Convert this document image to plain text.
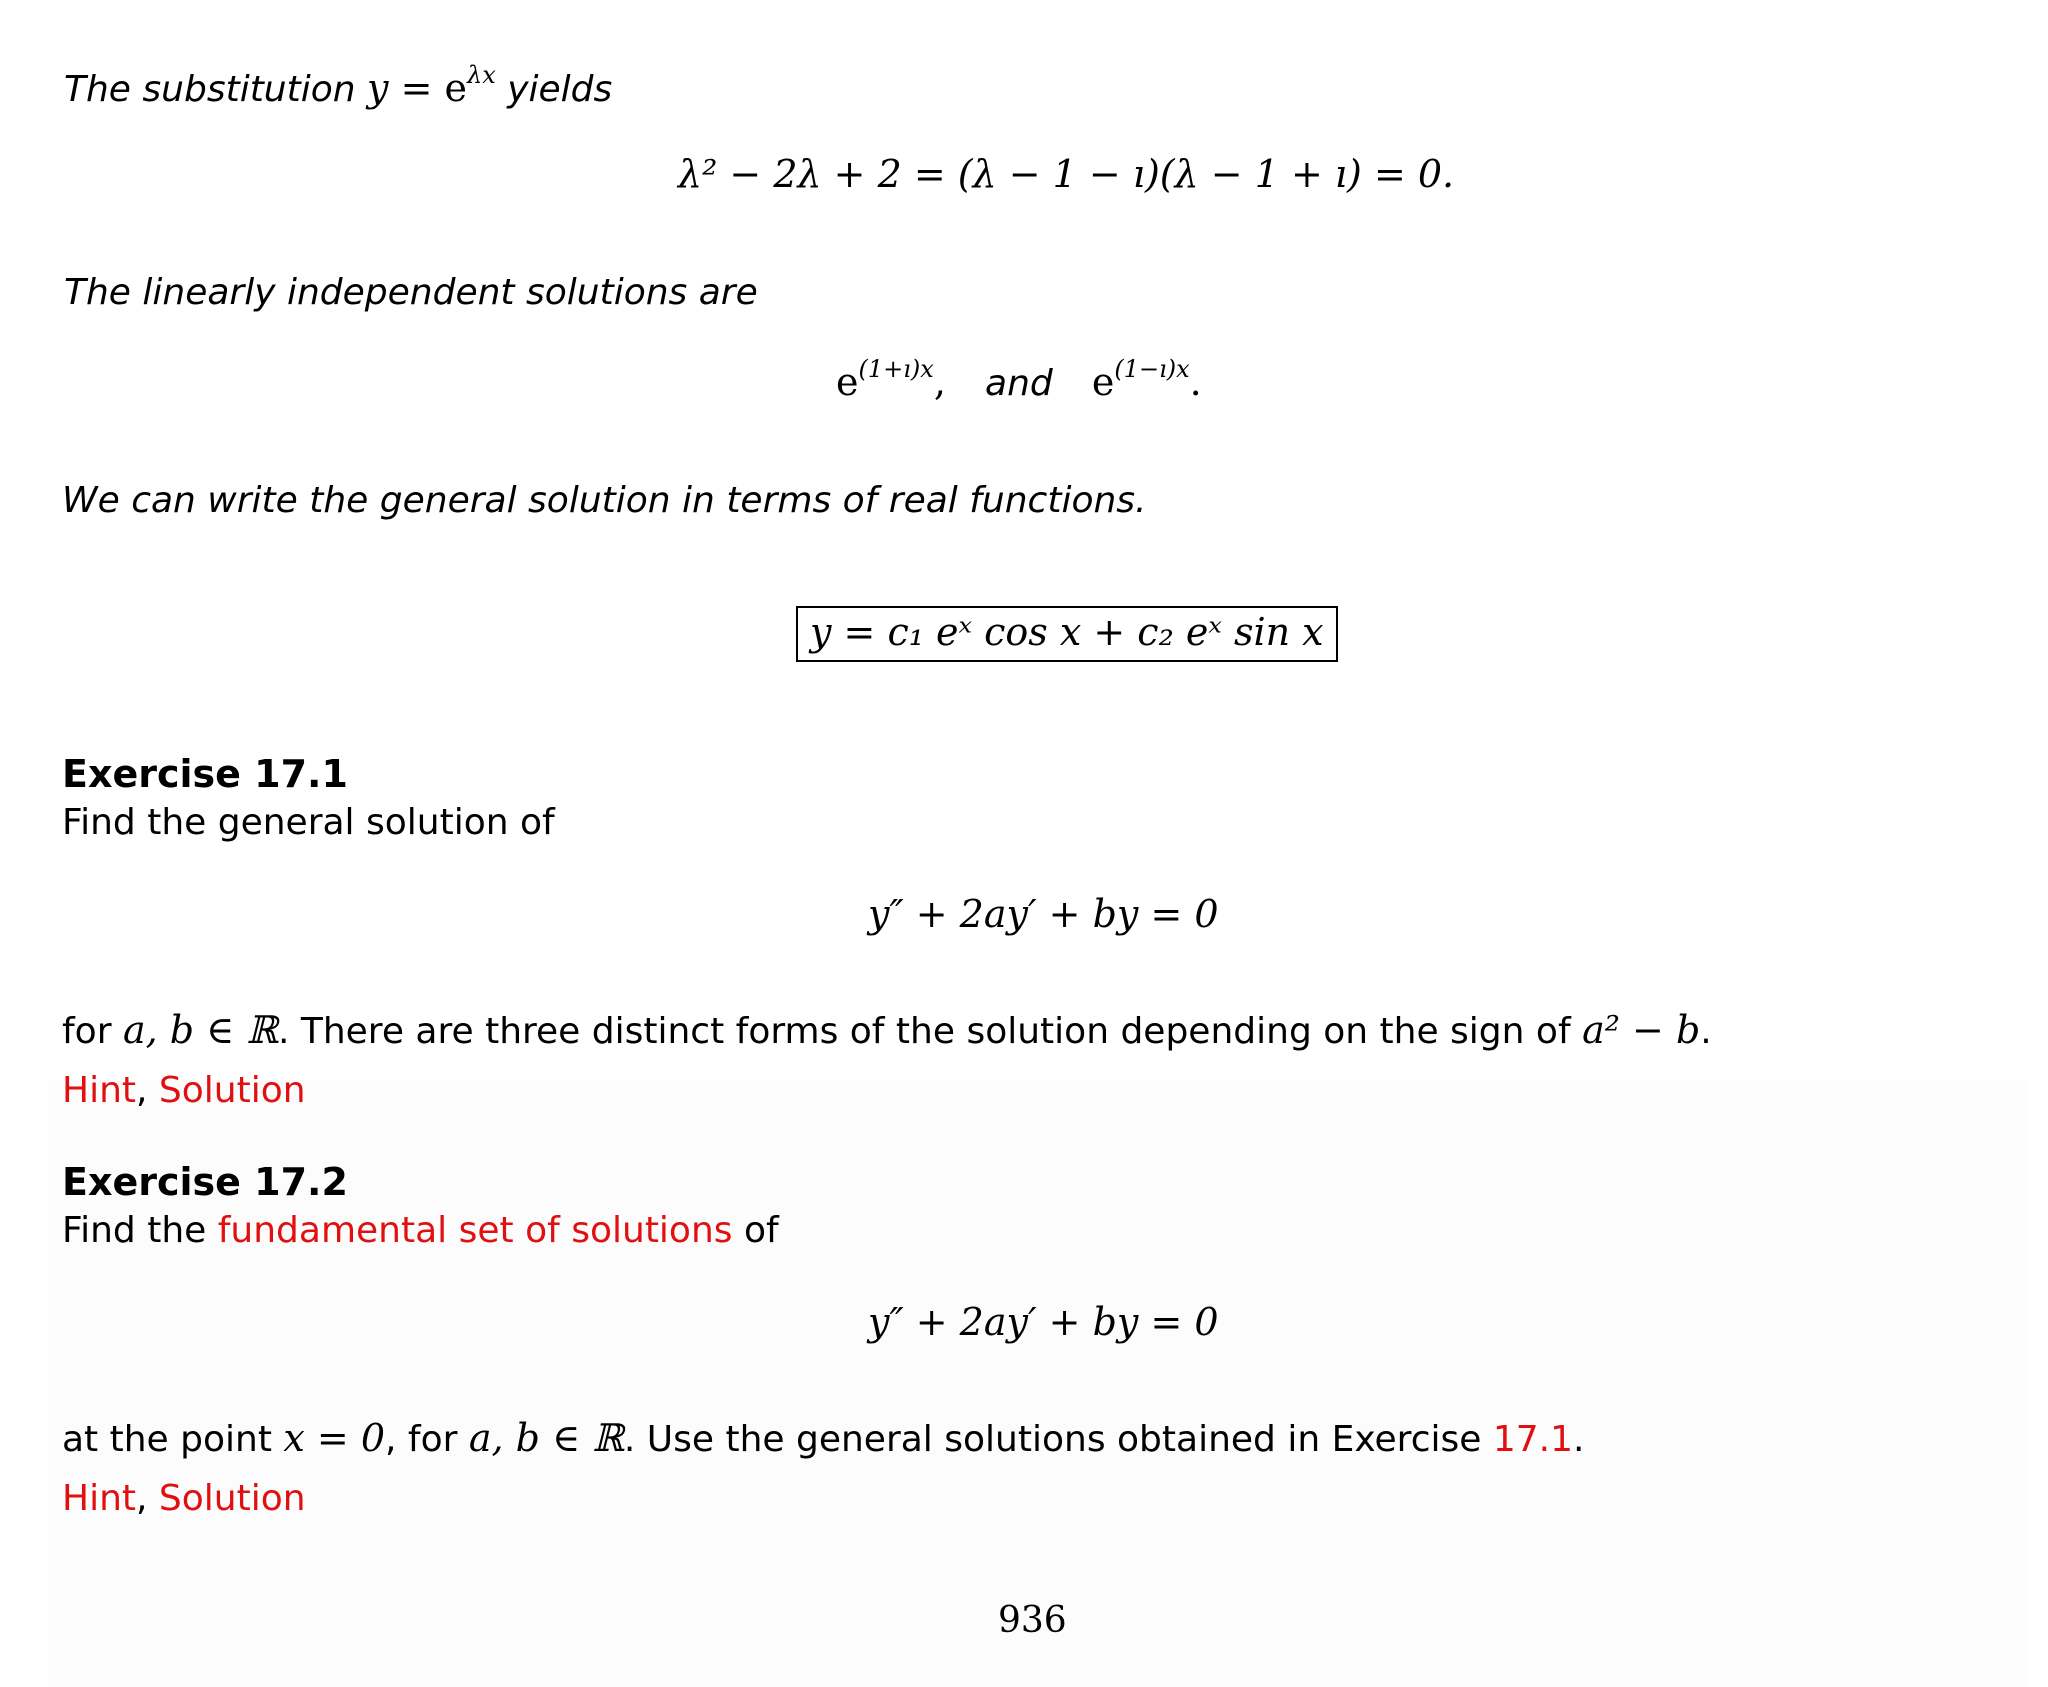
The substitution $y = e^{\lambda x}$ yields
λ² − 2λ + 2 = (λ − 1 − ı)(λ − 1 + ı) = 0.
The linearly independent solutions are
$e^{(1+ı)x}$, and $e^{(1-ı)x}$.
We can write the general solution in terms of real functions.
y = c₁ eˣ cos x + c₂ eˣ sin x
Exercise 17.1
Find the general solution of
y″ + 2ay′ + by = 0
for a, b ∈ ℝ. There are three distinct forms of the solution depending on the sign of a² − b.
Hint, Solution
Exercise 17.2
Find the fundamental set of solutions of
y″ + 2ay′ + by = 0
at the point x = 0, for a, b ∈ ℝ. Use the general solutions obtained in Exercise 17.1.
Hint, Solution
936
